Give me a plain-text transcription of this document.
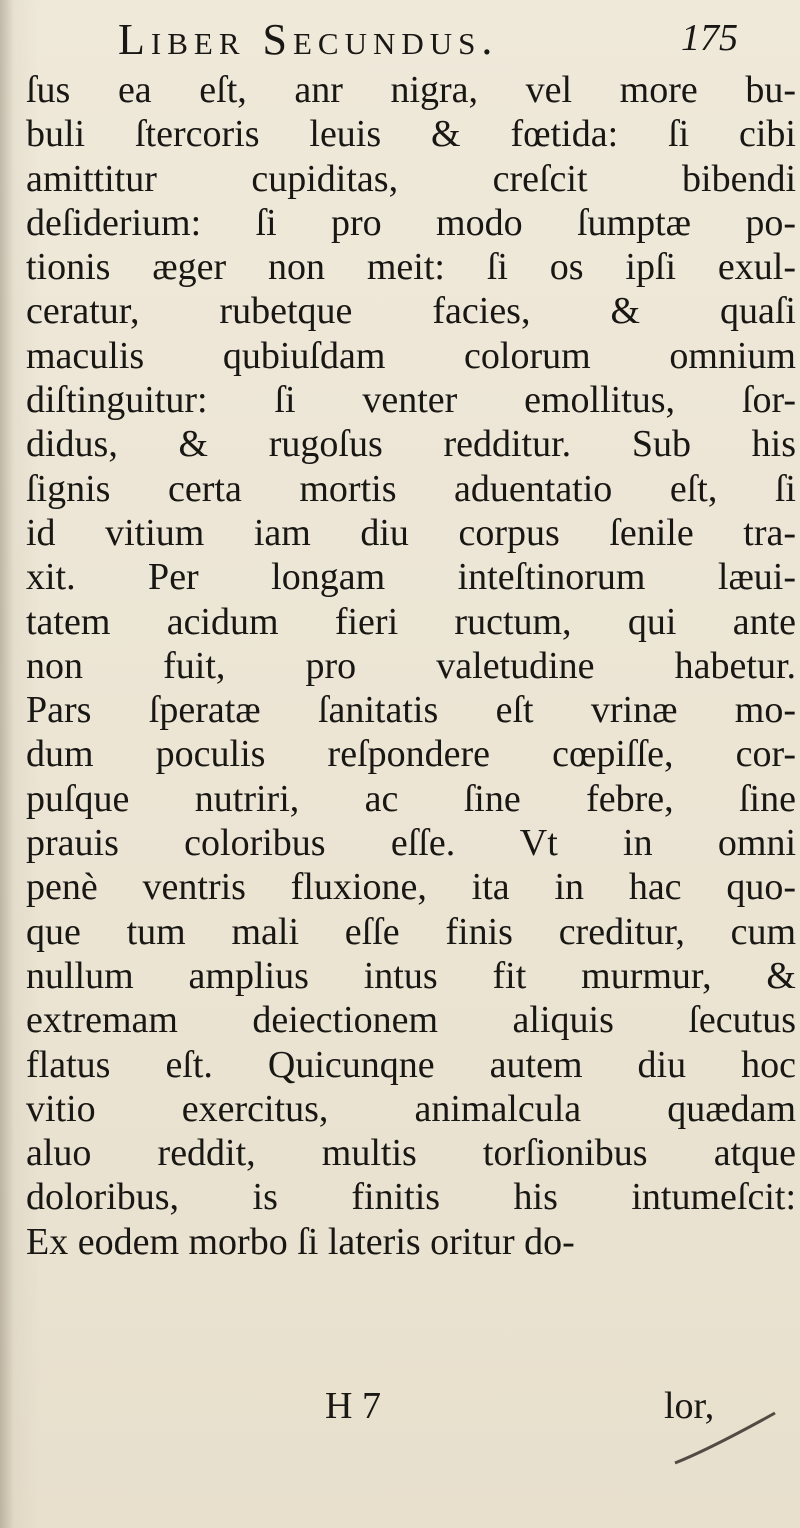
Liber Secundus.	175
ſus ea eſt, anr nigra, vel more bu-
buli ſtercoris leuis & fœtida: ſi cibi
amittitur cupiditas, creſcit bibendi
deſiderium: ſi pro modo ſumptæ po-
tionis æger non meit: ſi os ipſi exul-
ceratur, rubetque facies, & quaſi
maculis qubiuſdam colorum omnium
diſtinguitur: ſi venter emollitus, ſor-
didus, & rugoſus redditur. Sub his
ſignis certa mortis aduentatio eſt, ſi
id vitium iam diu corpus ſenile tra-
xit. Per longam inteſtinorum læui-
tatem acidum fieri ructum, qui ante
non fuit, pro valetudine habetur.
Pars ſperatæ ſanitatis eſt vrinæ mo-
dum poculis reſpondere cœpiſſe, cor-
puſque nutriri, ac ſine febre, ſine
prauis coloribus eſſe. Vt in omni
penè ventris fluxione, ita in hac quo-
que tum mali eſſe finis creditur, cum
nullum amplius intus fit murmur, &
extremam deiectionem aliquis ſecutus
flatus eſt. Quicunqne autem diu hoc
vitio exercitus, animalcula quædam
aluo reddit, multis torſionibus atque
doloribus, is finitis his intumeſcit:
Ex eodem morbo ſi lateris oritur do-
H 7	lor,
